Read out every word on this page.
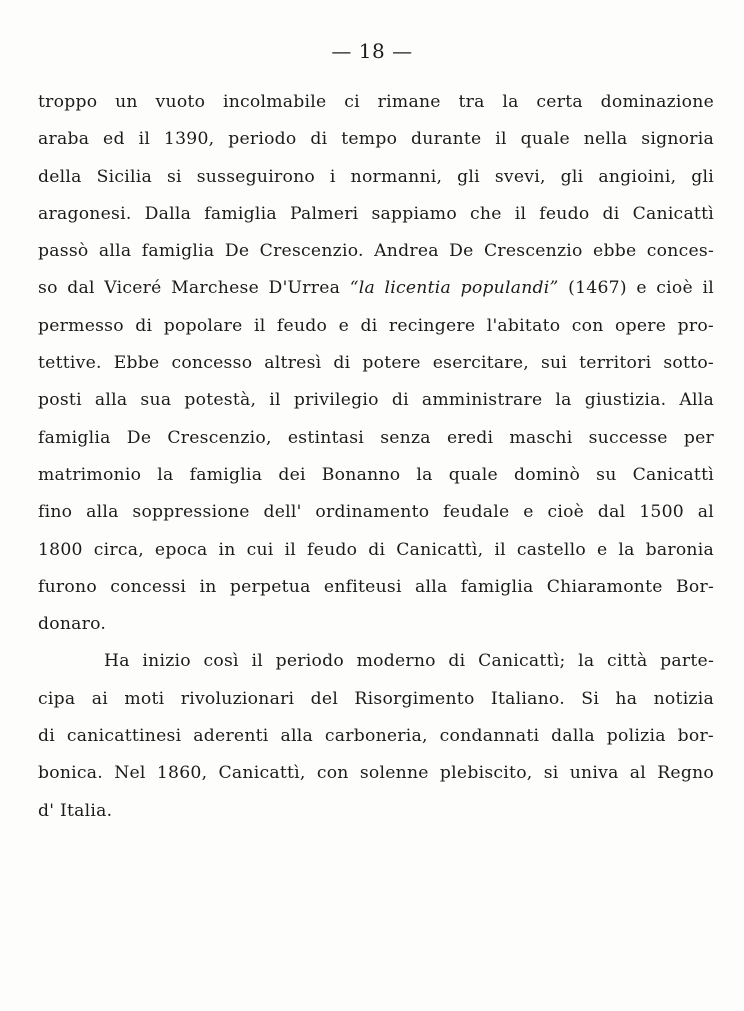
— 18 —
troppo un vuoto incolmabile ci rimane tra la certa dominazione
araba ed il 1390, periodo di tempo durante il quale nella signoria
della Sicilia si susseguirono i normanni, gli svevi, gli angioini, gli
aragonesi. Dalla famiglia Palmeri sappiamo che il feudo di Canicattì
passò alla famiglia De Crescenzio. Andrea De Crescenzio ebbe conces-
so dal Viceré Marchese D'Urrea “la licentia populandi” (1467) e cioè il
permesso di popolare il feudo e di recingere l'abitato con opere pro-
tettive. Ebbe concesso altresì di potere esercitare, sui territori sotto-
posti alla sua potestà, il privilegio di amministrare la giustizia. Alla
famiglia De Crescenzio, estintasi senza eredi maschi successe per
matrimonio la famiglia dei Bonanno la quale dominò su Canicattì
fino alla soppressione dell' ordinamento feudale e cioè dal 1500 al
1800 circa, epoca in cui il feudo di Canicattì, il castello e la baronia
furono concessi in perpetua enfiteusi alla famiglia Chiaramonte Bor-
donaro.
Ha inizio così il periodo moderno di Canicattì; la città parte-
cipa ai moti rivoluzionari del Risorgimento Italiano. Si ha notizia
di canicattinesi aderenti alla carboneria, condannati dalla polizia bor-
bonica. Nel 1860, Canicattì, con solenne plebiscito, si univa al Regno
d' Italia.
